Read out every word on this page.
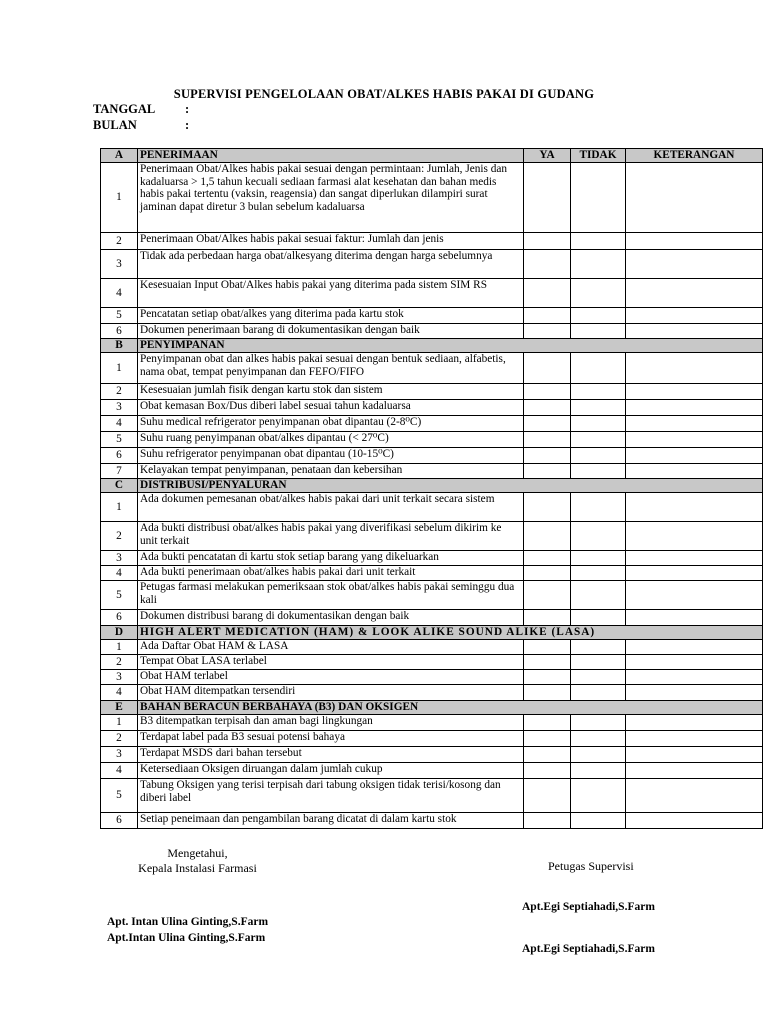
SUPERVISI PENGELOLAAN OBAT/ALKES HABIS PAKAI DI GUDANG
TANGGAL :
BULAN	:
A	PENERIMAAN	YA	TIDAK	KETERANGAN
1	Penerimaan Obat/Alkes habis pakai sesuai dengan permintaan: Jumlah, Jenis dan kadaluarsa > 1,5 tahun kecuali sediaan farmasi alat kesehatan dan bahan medis habis pakai tertentu (vaksin, reagensia) dan sangat diperlukan dilampiri surat jaminan dapat diretur 3 bulan sebelum kadaluarsa			
2	Penerimaan Obat/Alkes habis pakai sesuai faktur: Jumlah dan jenis			
3	Tidak ada perbedaan harga obat/alkesyang diterima dengan harga sebelumnya			
4	Kesesuaian Input Obat/Alkes habis pakai yang diterima pada sistem SIM RS			
5	Pencatatan setiap obat/alkes yang diterima pada kartu stok			
6	Dokumen penerimaan barang di dokumentasikan dengan baik			
B	PENYIMPANAN			
1	Penyimpanan obat dan alkes habis pakai sesuai dengan bentuk sediaan, alfabetis, nama obat, tempat penyimpanan dan FEFO/FIFO			
2	Kesesuaian jumlah fisik dengan kartu stok dan sistem			
3	Obat kemasan Box/Dus diberi label sesuai tahun kadaluarsa			
4	Suhu medical refrigerator penyimpanan obat dipantau (2-8⁰C)			
5	Suhu ruang penyimpanan obat/alkes dipantau (< 27⁰C)			
6	Suhu refrigerator penyimpanan obat dipantau (10-15⁰C)			
7	Kelayakan tempat penyimpanan, penataan dan kebersihan			
C	DISTRIBUSI/PENYALURAN			
1	Ada dokumen pemesanan obat/alkes habis pakai dari unit terkait secara sistem			
2	Ada bukti distribusi obat/alkes habis pakai yang diverifikasi sebelum dikirim ke unit terkait			
3	Ada bukti pencatatan di kartu stok setiap barang yang dikeluarkan			
4	Ada bukti penerimaan obat/alkes habis pakai dari unit terkait			
5	Petugas farmasi melakukan pemeriksaan stok obat/alkes habis pakai seminggu dua kali			
6	Dokumen distribusi barang di dokumentasikan dengan baik			
D	HIGH ALERT MEDICATION (HAM) & LOOK ALIKE SOUND ALIKE (LASA)			
1	Ada Daftar Obat HAM & LASA			
2	Tempat Obat LASA terlabel			
3	Obat HAM terlabel			
4	Obat HAM ditempatkan tersendiri			
E	BAHAN BERACUN BERBAHAYA (B3) DAN OKSIGEN			
1	B3 ditempatkan terpisah dan aman bagi lingkungan			
2	Terdapat label pada B3 sesuai potensi bahaya			
3	Terdapat MSDS dari bahan tersebut			
4	Ketersediaan Oksigen diruangan dalam jumlah cukup			
5	Tabung Oksigen yang terisi terpisah dari tabung oksigen tidak terisi/kosong dan diberi label			
6	Setiap peneimaan dan pengambilan barang dicatat di dalam kartu stok			
Mengetahui,
Kepala Instalasi Farmasi	Petugas Supervisi
Apt.Egi Septiahadi,S.Farm
Apt. Intan Ulina Ginting,S.Farm
Apt.Intan Ulina Ginting,S.Farm
Apt.Egi Septiahadi,S.Farm
